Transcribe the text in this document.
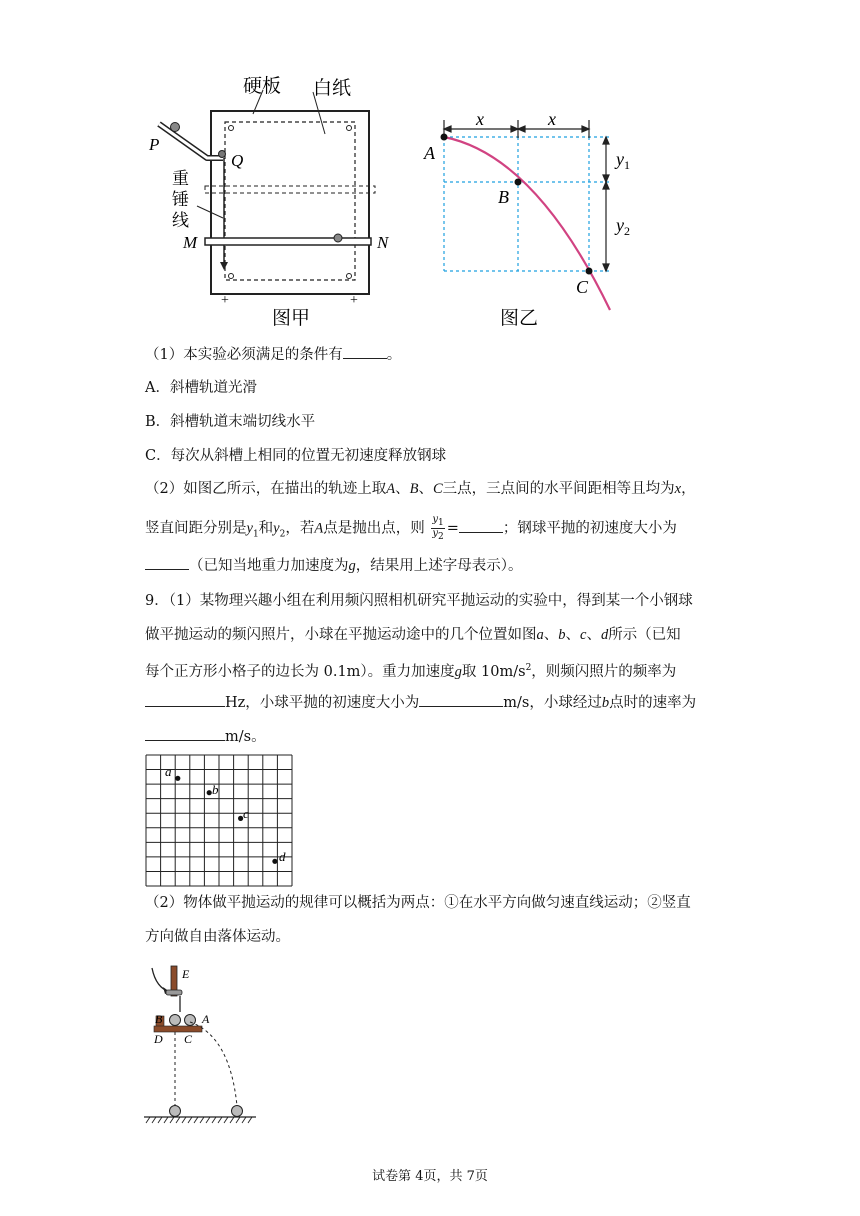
+	+
硬板 白纸
P
Q
重
锤
线
M	N
图甲
x	x
$y_1$
$y_2$
A
B
C
图乙
（1）本实验必须满足的条件有	。
A．斜槽轨道光滑
B．斜槽轨道末端切线水平
C．每次从斜槽上相同的位置无初速度释放钢球
（2）如图乙所示，在描出的轨迹上取A、B、C三点，三点间的水平间距相等且均为x，
竖直间距分别是$y_1$和$y_2$，若A点是抛出点，则 $\frac{y_1}{y_2}$ =	；钢球平抛的初速度大小为
（已知当地重力加速度为g，结果用上述字母表示）。
9．（1）某物理兴趣小组在利用频闪照相机研究平抛运动的实验中，得到某一个小钢球
做平抛运动的频闪照片，小球在平抛运动途中的几个位置如图a、b、c、d所示（已知
每个正方形小格子的边长为 0.1m）。重力加速度g取 $10m/s^2$，则频闪照片的频率为
Hz，小球平抛的初速度大小为	m/s，小球经过b点时的速率为
m/s。
a
b
c
d
（2）物体做平抛运动的规律可以概括为两点：①在水平方向做匀速直线运动；②竖直
方向做自由落体运动。
E
B	A
D C
试卷第 4页，共 7页
